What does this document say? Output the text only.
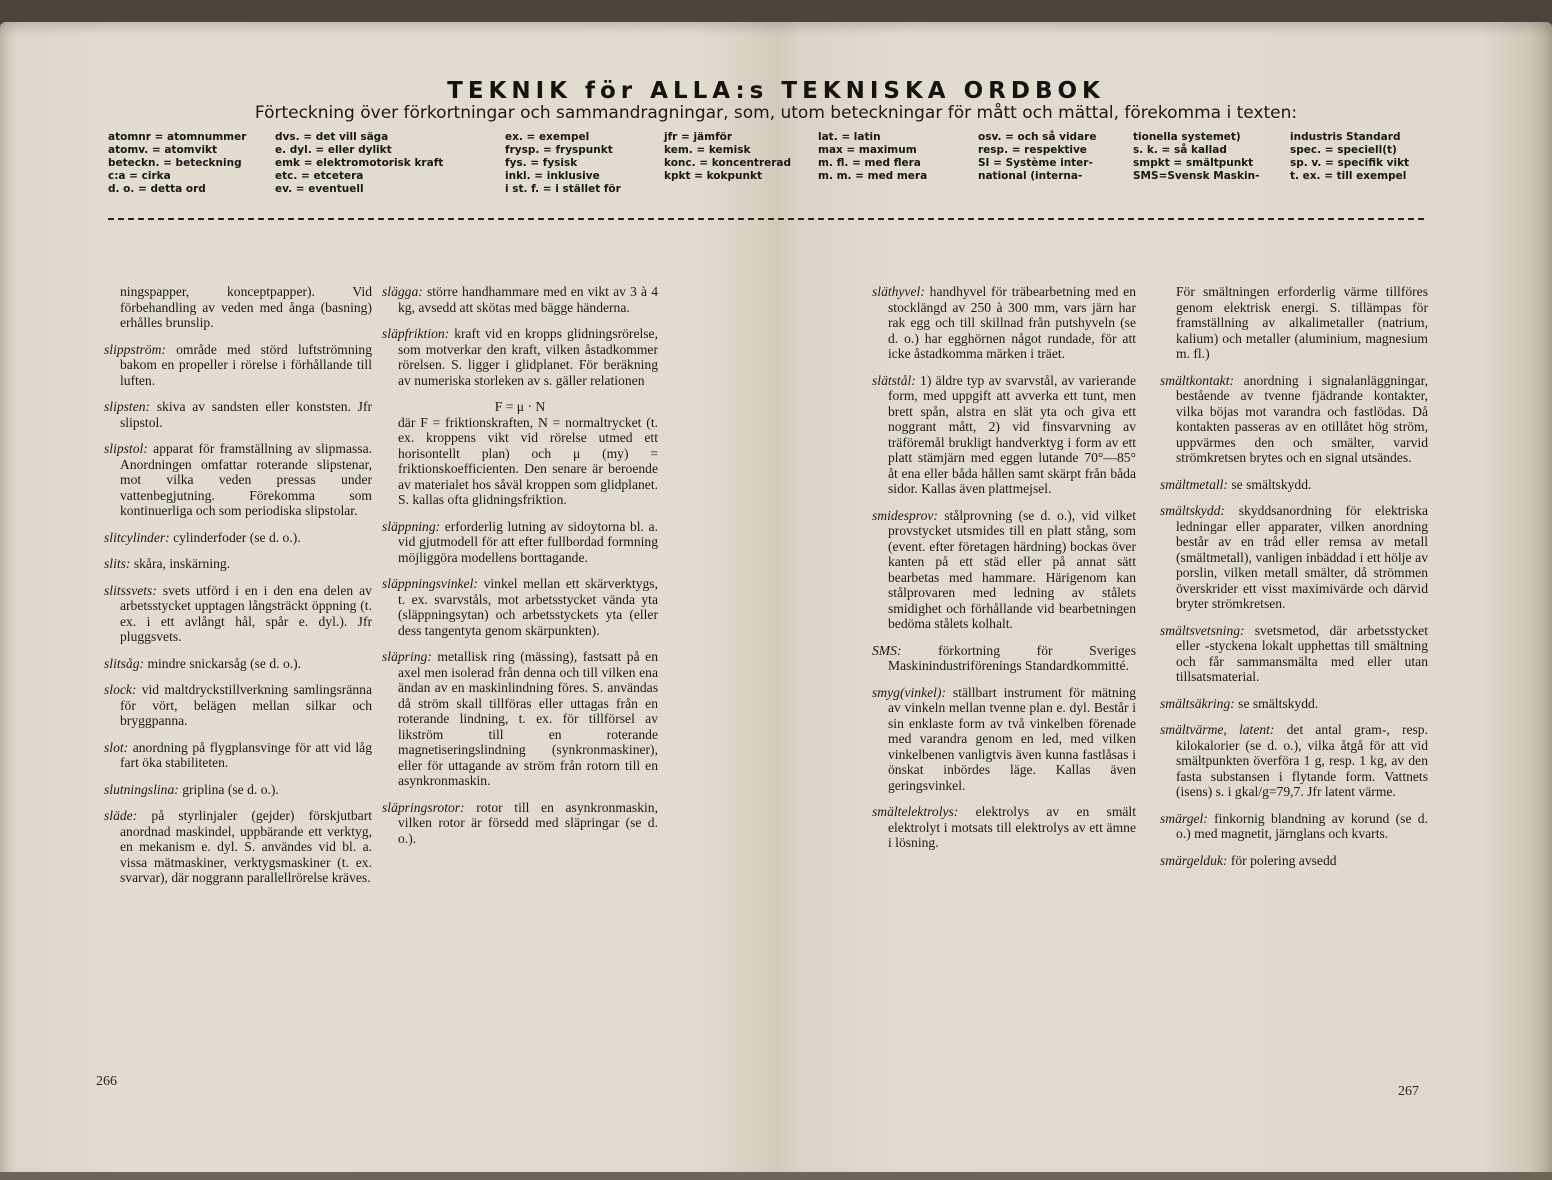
TEKNIK för ALLA:s TEKNISKA ORDBOK
Förteckning över förkortningar och sammandragningar, som, utom beteckningar för mått och mättal, förekomma i texten:
atomnr = atomnummer
atomv. = atomvikt
beteckn. = beteckning
c:a = cirka
d. o. = detta ord
dvs. = det vill säga
e. dyl. = eller dylikt
emk = elektromotorisk kraft
etc. = etcetera
ev. = eventuell
ex. = exempel
frysp. = fryspunkt
fys. = fysisk
inkl. = inklusive
i st. f. = i stället för
jfr = jämför
kem. = kemisk
konc. = koncentrerad
kpkt = kokpunkt
lat. = latin
max = maximum
m. fl. = med flera
m. m. = med mera
osv. = och så vidare
resp. = respektive
SI = Système inter-
national (interna-
tionella systemet)
s. k. = så kallad
smpkt = smältpunkt
SMS=Svensk Maskin-
industris Standard
spec. = speciell(t)
sp. v. = specifik vikt
t. ex. = till exempel

ningspapper, konceptpapper). Vid förbehandling av veden med ånga (basning) erhålles brunslip.

slippström: område med störd luftströmning bakom en propeller i rörelse i förhållande till luften.

slipsten: skiva av sandsten eller konststen. Jfr slipstol.

slipstol: apparat för framställning av slipmassa. Anordningen omfattar roterande slipstenar, mot vilka veden pressas under vattenbegjutning. Förekomma som kontinuerliga och som periodiska slipstolar.

slitcylinder: cylinderfoder (se d. o.).

slits: skåra, inskärning.

slitssvets: svets utförd i en i den ena delen av arbetsstycket upptagen långsträckt öppning (t. ex. i ett avlångt hål, spår e. dyl.). Jfr pluggsvets.

slitsåg: mindre snickarsåg (se d. o.).

slock: vid maltdryckstillverkning samlingsränna för vört, belägen mellan silkar och bryggpanna.

slot: anordning på flygplansvinge för att vid låg fart öka stabiliteten.

slutningslina: griplina (se d. o.).

släde: på styrlinjaler (gejder) förskjutbart anordnad maskindel, uppbärande ett verktyg, en mekanism e. dyl. S. användes vid bl. a. vissa mätmaskiner, verktygsmaskiner (t. ex. svarvar), där noggrann parallellrörelse kräves.

slägga: större handhammare med en vikt av 3 à 4 kg, avsedd att skötas med bägge händerna.

släpfriktion: kraft vid en kropps glidningsrörelse, som motverkar den kraft, vilken åstadkommer rörelsen. S. ligger i glidplanet. För beräkning av numeriska storleken av s. gäller relationen

F = μ · N

där F = friktionskraften, N = normaltrycket (t. ex. kroppens vikt vid rörelse utmed ett horisontellt plan) och μ (my) = friktionskoefficienten. Den senare är beroende av materialet hos såväl kroppen som glidplanet. S. kallas ofta glidningsfriktion.

släppning: erforderlig lutning av sidoytorna bl. a. vid gjutmodell för att efter fullbordad formning möjliggöra modellens borttagande.

släppningsvinkel: vinkel mellan ett skärverktygs, t. ex. svarvståls, mot arbetsstycket vända yta (släppningsytan) och arbetsstyckets yta (eller dess tangentyta genom skärpunkten).

släpring: metallisk ring (mässing), fastsatt på en axel men isolerad från denna och till vilken ena ändan av en maskinlindning föres. S. användas då ström skall tillföras eller uttagas från en roterande lindning, t. ex. för tillförsel av likström till en roterande magnetiseringslindning (synkronmaskiner), eller för uttagande av ström från rotorn till en asynkronmaskin.

släpringsrotor: rotor till en asynkronmaskin, vilken rotor är försedd med släpringar (se d. o.).

släthyvel: handhyvel för träbearbetning med en stocklängd av 250 à 300 mm, vars järn har rak egg och till skillnad från putshyveln (se d. o.) har egghörnen något rundade, för att icke åstadkomma märken i träet.

slätstål: 1) äldre typ av svarvstål, av varierande form, med uppgift att avverka ett tunt, men brett spån, alstra en slät yta och giva ett noggrant mått, 2) vid finsvarvning av träföremål brukligt handverktyg i form av ett platt stämjärn med eggen lutande 70°—85° åt ena eller båda hållen samt skärpt från båda sidor. Kallas även plattmejsel.

smidesprov: stålprovning (se d. o.), vid vilket provstycket utsmides till en platt stång, som (event. efter företagen härdning) bockas över kanten på ett städ eller på annat sätt bearbetas med hammare. Härigenom kan stålprovaren med ledning av stålets smidighet och förhållande vid bearbetningen bedöma stålets kolhalt.

SMS:	förkortning för Sveriges Maskinindustriförenings Standardkommitté.

smyg(vinkel): ställbart instrument för mätning av vinkeln mellan tvenne plan e. dyl. Består i sin enklaste form av två vinkelben förenade med varandra genom en led, med vilken vinkelbenen vanligtvis även kunna fastlåsas i önskat inbördes läge. Kallas även geringsvinkel.

smältelektrolys: elektrolys av en smält elektrolyt i motsats till elektrolys av ett ämne i lösning.

För smältningen erforderlig värme tillföres genom elektrisk energi. S. tillämpas för framställning av alkalimetaller (natrium, kalium) och metaller (aluminium, magnesium m. fl.)

smältkontakt: anordning i signalanläggningar, bestående av tvenne fjädrande kontakter, vilka böjas mot varandra och fastlödas. Då kontakten passeras av en otillåtet hög ström, uppvärmes den och smälter, varvid strömkretsen brytes och en signal utsändes.

smältmetall: se smältskydd.

smältskydd: skyddsanordning för elektriska ledningar eller apparater, vilken anordning består av en tråd eller remsa av metall (smältmetall), vanligen inbäddad i ett hölje av porslin, vilken metall smälter, då strömmen överskrider ett visst maximivärde och därvid bryter strömkretsen.

smältsvetsning: svetsmetod, där arbetsstycket eller -styckena lokalt upphettas till smältning och får sammansmälta med eller utan tillsatsmaterial.

smältsäkring: se smältskydd.

smältvärme, latent: det antal gram-, resp. kilokalorier (se d. o.), vilka åtgå för att vid smältpunkten överföra 1 g, resp. 1 kg, av den fasta substansen i flytande form. Vattnets (isens) s. i gkal/g=79,7. Jfr latent värme.

smärgel: finkornig blandning av korund (se d. o.) med magnetit, järnglans och kvarts.

smärgelduk: för polering avsedd

266
267
